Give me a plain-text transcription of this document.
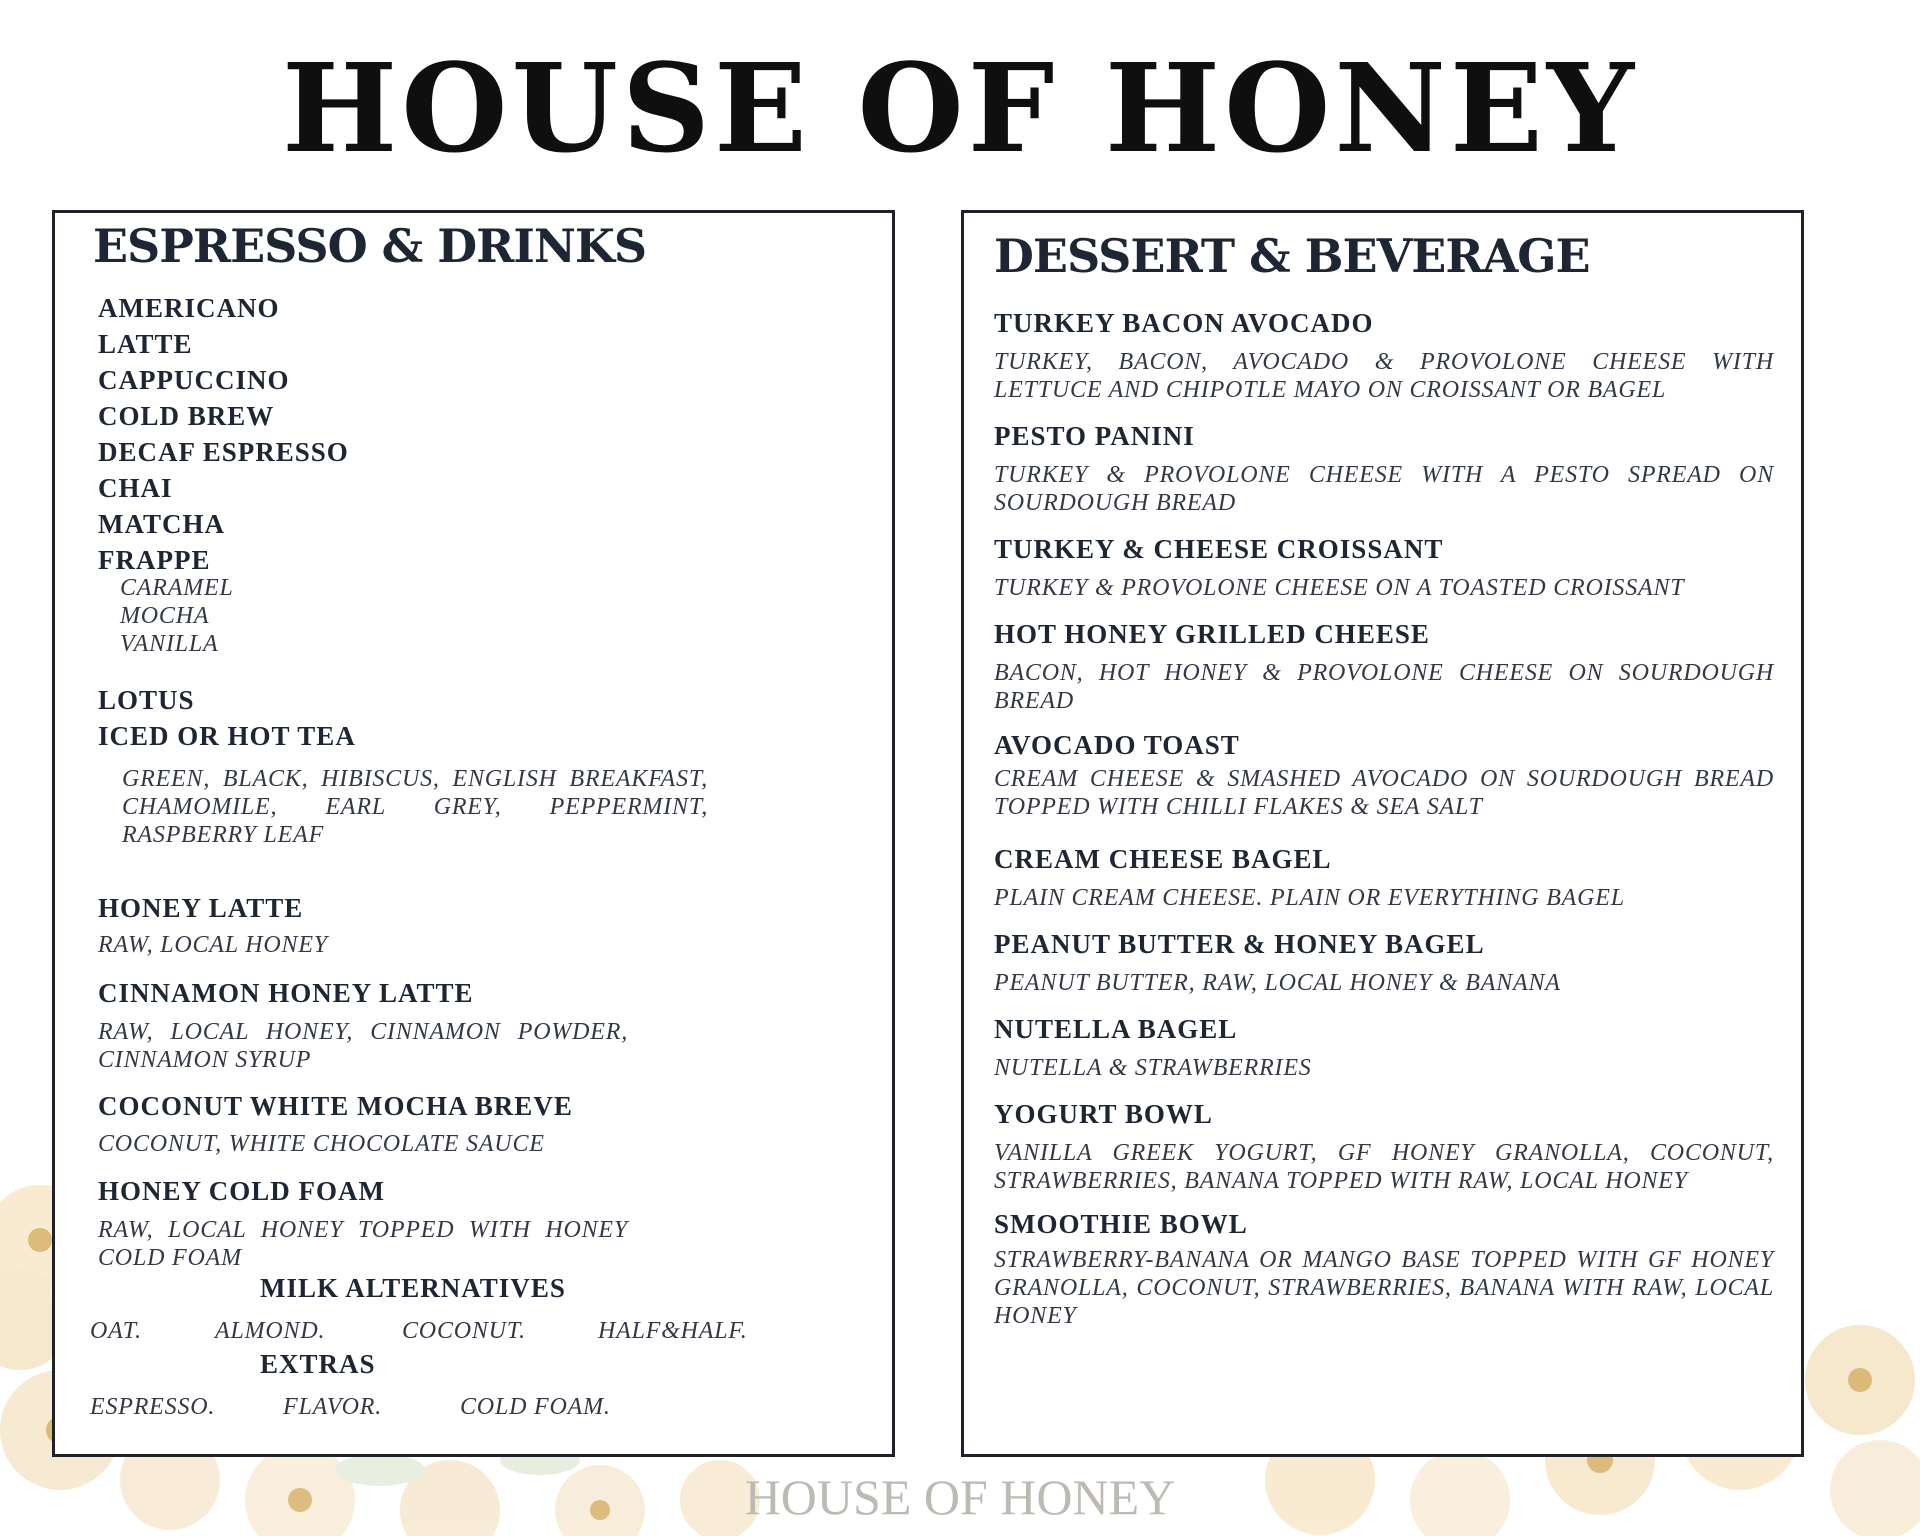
HOUSE OF HONEY
ESPRESSO & DRINKS
AMERICANO
LATTE
CAPPUCCINO
COLD BREW
DECAF ESPRESSO
CHAI
MATCHA
FRAPPE
CARAMEL
MOCHA
VANILLA
LOTUS
ICED OR HOT TEA
GREEN, BLACK, HIBISCUS, ENGLISH BREAKFAST, CHAMOMILE, EARL GREY, PEPPERMINT, RASPBERRY LEAF
HONEY LATTE
RAW, LOCAL HONEY
CINNAMON HONEY LATTE
RAW, LOCAL HONEY, CINNAMON POWDER, CINNAMON SYRUP
COCONUT WHITE MOCHA BREVE
COCONUT, WHITE CHOCOLATE SAUCE
HONEY COLD FOAM
RAW, LOCAL HONEY TOPPED WITH HONEY COLD FOAM
MILK ALTERNATIVES
OAT.	ALMOND.	COCONUT.	HALF&HALF.
EXTRAS
ESPRESSO.	FLAVOR.	COLD FOAM.
DESSERT & BEVERAGE
TURKEY BACON AVOCADO
TURKEY, BACON, AVOCADO & PROVOLONE CHEESE WITH LETTUCE AND CHIPOTLE MAYO ON CROISSANT OR BAGEL
PESTO PANINI
TURKEY & PROVOLONE CHEESE WITH A PESTO SPREAD ON SOURDOUGH BREAD
TURKEY & CHEESE CROISSANT
TURKEY & PROVOLONE CHEESE ON A TOASTED CROISSANT
HOT HONEY GRILLED CHEESE
BACON, HOT HONEY & PROVOLONE CHEESE ON SOURDOUGH BREAD
AVOCADO TOAST
CREAM CHEESE & SMASHED AVOCADO ON SOURDOUGH BREAD TOPPED WITH CHILLI FLAKES & SEA SALT
CREAM CHEESE BAGEL
PLAIN CREAM CHEESE. PLAIN OR EVERYTHING BAGEL
PEANUT BUTTER & HONEY BAGEL
PEANUT BUTTER, RAW, LOCAL HONEY & BANANA
NUTELLA BAGEL
NUTELLA & STRAWBERRIES
YOGURT BOWL
VANILLA GREEK YOGURT, GF HONEY GRANOLLA, COCONUT, STRAWBERRIES, BANANA TOPPED WITH RAW, LOCAL HONEY
SMOOTHIE BOWL
STRAWBERRY-BANANA OR MANGO BASE TOPPED WITH GF HONEY GRANOLLA, COCONUT, STRAWBERRIES, BANANA WITH RAW, LOCAL HONEY
HOUSE OF HONEY
